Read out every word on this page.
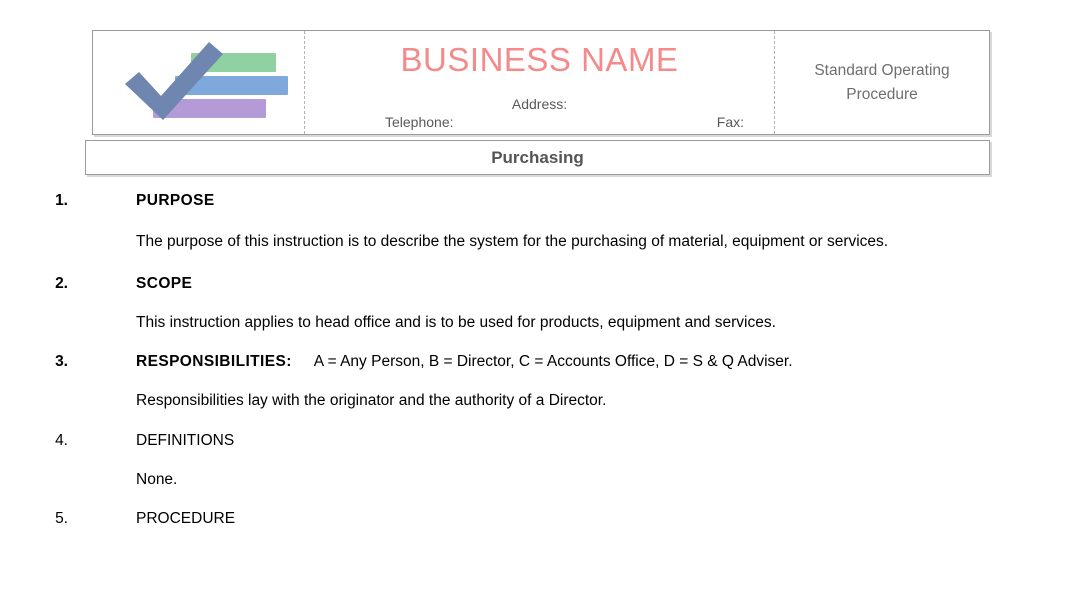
BUSINESS NAME
Address:
Telephone:	Fax:
Standard Operating
Procedure
Purchasing
1.	PURPOSE
The purpose of this instruction is to describe the system for the purchasing of material, equipment or services.
2.	SCOPE
This instruction applies to head office and is to be used for products, equipment and services.
3.	RESPONSIBILITIES: A = Any Person, B = Director, C = Accounts Office, D = S & Q Adviser.
Responsibilities lay with the originator and the authority of a Director.
4.	DEFINITIONS
None.
5.	PROCEDURE
